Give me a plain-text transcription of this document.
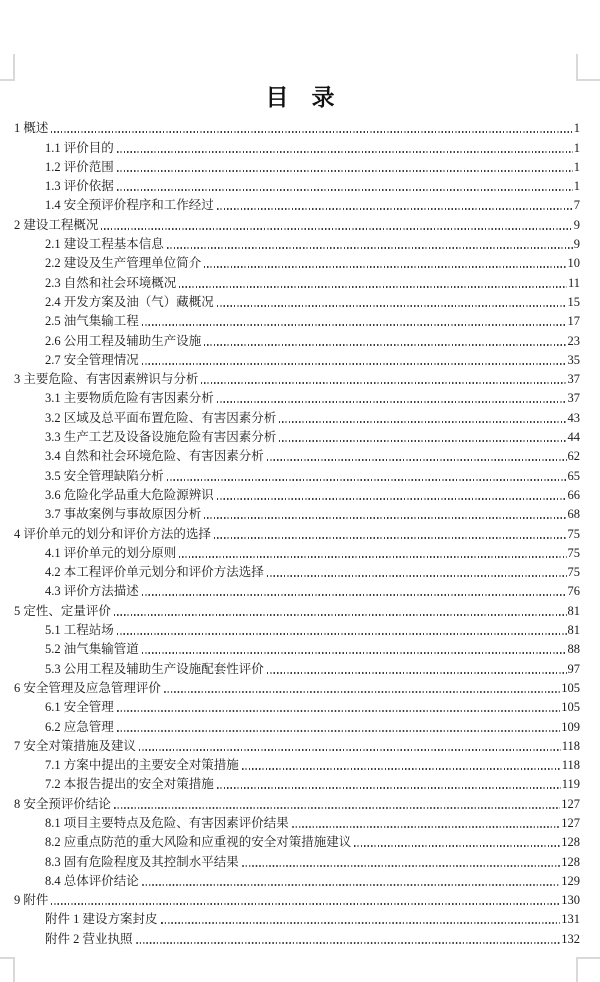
目　录
1 概述	1
1.1 评价目的	1
1.2 评价范围	1
1.3 评价依据	1
1.4 安全预评价程序和工作经过	7
2 建设工程概况	9
2.1 建设工程基本信息	9
2.2 建设及生产管理单位简介	10
2.3 自然和社会环境概况	11
2.4 开发方案及油（气）藏概况	15
2.5 油气集输工程	17
2.6 公用工程及辅助生产设施	23
2.7 安全管理情况	35
3 主要危险、有害因素辨识与分析	37
3.1 主要物质危险有害因素分析	37
3.2 区域及总平面布置危险、有害因素分析	43
3.3 生产工艺及设备设施危险有害因素分析	44
3.4 自然和社会环境危险、有害因素分析	62
3.5 安全管理缺陷分析	65
3.6 危险化学品重大危险源辨识	66
3.7 事故案例与事故原因分析	68
4 评价单元的划分和评价方法的选择	75
4.1 评价单元的划分原则	75
4.2 本工程评价单元划分和评价方法选择	75
4.3 评价方法描述	76
5 定性、定量评价	81
5.1 工程站场	81
5.2 油气集输管道	88
5.3 公用工程及辅助生产设施配套性评价	97
6 安全管理及应急管理评价	105
6.1 安全管理	105
6.2 应急管理	109
7 安全对策措施及建议	118
7.1 方案中提出的主要安全对策措施	118
7.2 本报告提出的安全对策措施	119
8 安全预评价结论	127
8.1 项目主要特点及危险、有害因素评价结果	127
8.2 应重点防范的重大风险和应重视的安全对策措施建议	128
8.3 固有危险程度及其控制水平结果	128
8.4 总体评价结论	129
9 附件	130
附件 1 建设方案封皮	131
附件 2 营业执照	132
